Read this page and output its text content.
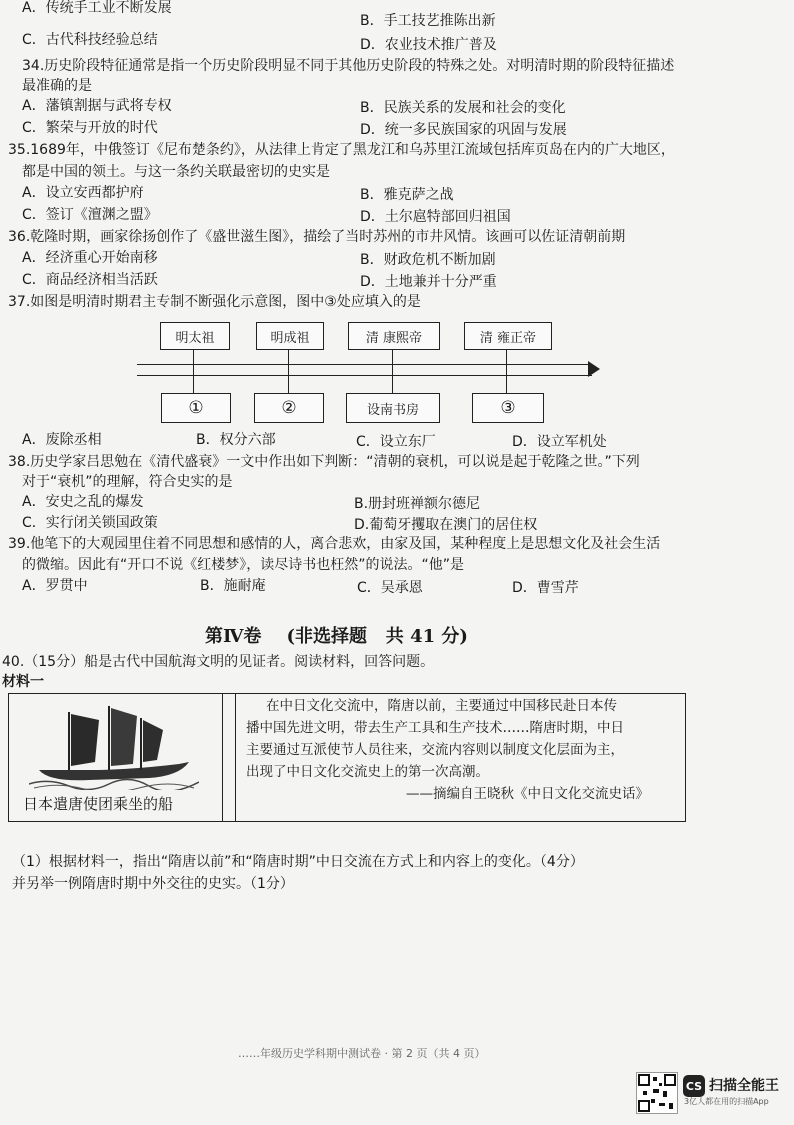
A．传统手工业不断发展
B．手工技艺推陈出新
C．古代科技经验总结	D．农业技术推广普及
34.历史阶段特征通常是指一个历史阶段明显不同于其他历史阶段的特殊之处。对明清时期的阶段特征描述
最准确的是
A．藩镇割据与武将专权	B．民族关系的发展和社会的变化
C．繁荣与开放的时代	D．统一多民族国家的巩固与发展
35.1689年，中俄签订《尼布楚条约》，从法律上肯定了黑龙江和乌苏里江流域包括库页岛在内的广大地区，
都是中国的领土。与这一条约关联最密切的史实是
A．设立安西都护府	B．雅克萨之战
C．签订《澶渊之盟》	D．土尔扈特部回归祖国
36.乾隆时期，画家徐扬创作了《盛世滋生图》，描绘了当时苏州的市井风情。该画可以佐证清朝前期
A．经济重心开始南移	B．财政危机不断加剧
C．商品经济相当活跃	D．土地兼并十分严重
37.如图是明清时期君主专制不断强化示意图，图中③处应填入的是
明太祖	明成祖	清 康熙帝	清 雍正帝
①	②	设南书房	③
A．废除丞相	B．权分六部	C．设立东厂	D．设立军机处
38.历史学家吕思勉在《清代盛衰》一文中作出如下判断：“清朝的衰机，可以说是起于乾隆之世。”下列
对于“衰机”的理解，符合史实的是
A．安史之乱的爆发	B.册封班禅额尔德尼
C．实行闭关锁国政策	D.葡萄牙攫取在澳门的居住权
39.他笔下的大观园里住着不同思想和感情的人，离合悲欢，由家及国，某种程度上是思想文化及社会生活
的微缩。因此有“开口不说《红楼梦》，读尽诗书也枉然”的说法。“他”是
A．罗贯中	B．施耐庵	C．吴承恩	D．曹雪芹
第Ⅳ卷    (非选择题   共 41 分)
40.（15分）船是古代中国航海文明的见证者。阅读材料，回答问题。
材料一
日本遣唐使团乘坐的船
在中日文化交流中，隋唐以前，主要通过中国移民赴日本传
播中国先进文明，带去生产工具和生产技术……隋唐时期，中日
主要通过互派使节人员往来，交流内容则以制度文化层面为主，
出现了中日文化交流史上的第一次高潮。
——摘编自王晓秋《中日文化交流史话》
（1）根据材料一，指出“隋唐以前”和“隋唐时期”中日交流在方式上和内容上的变化。（4分）
并另举一例隋唐时期中外交往的史实。（1分）
……年级历史学科期中测试卷 · 第 2 页（共 4 页）
CS 扫描全能王
3亿人都在用的扫描App
